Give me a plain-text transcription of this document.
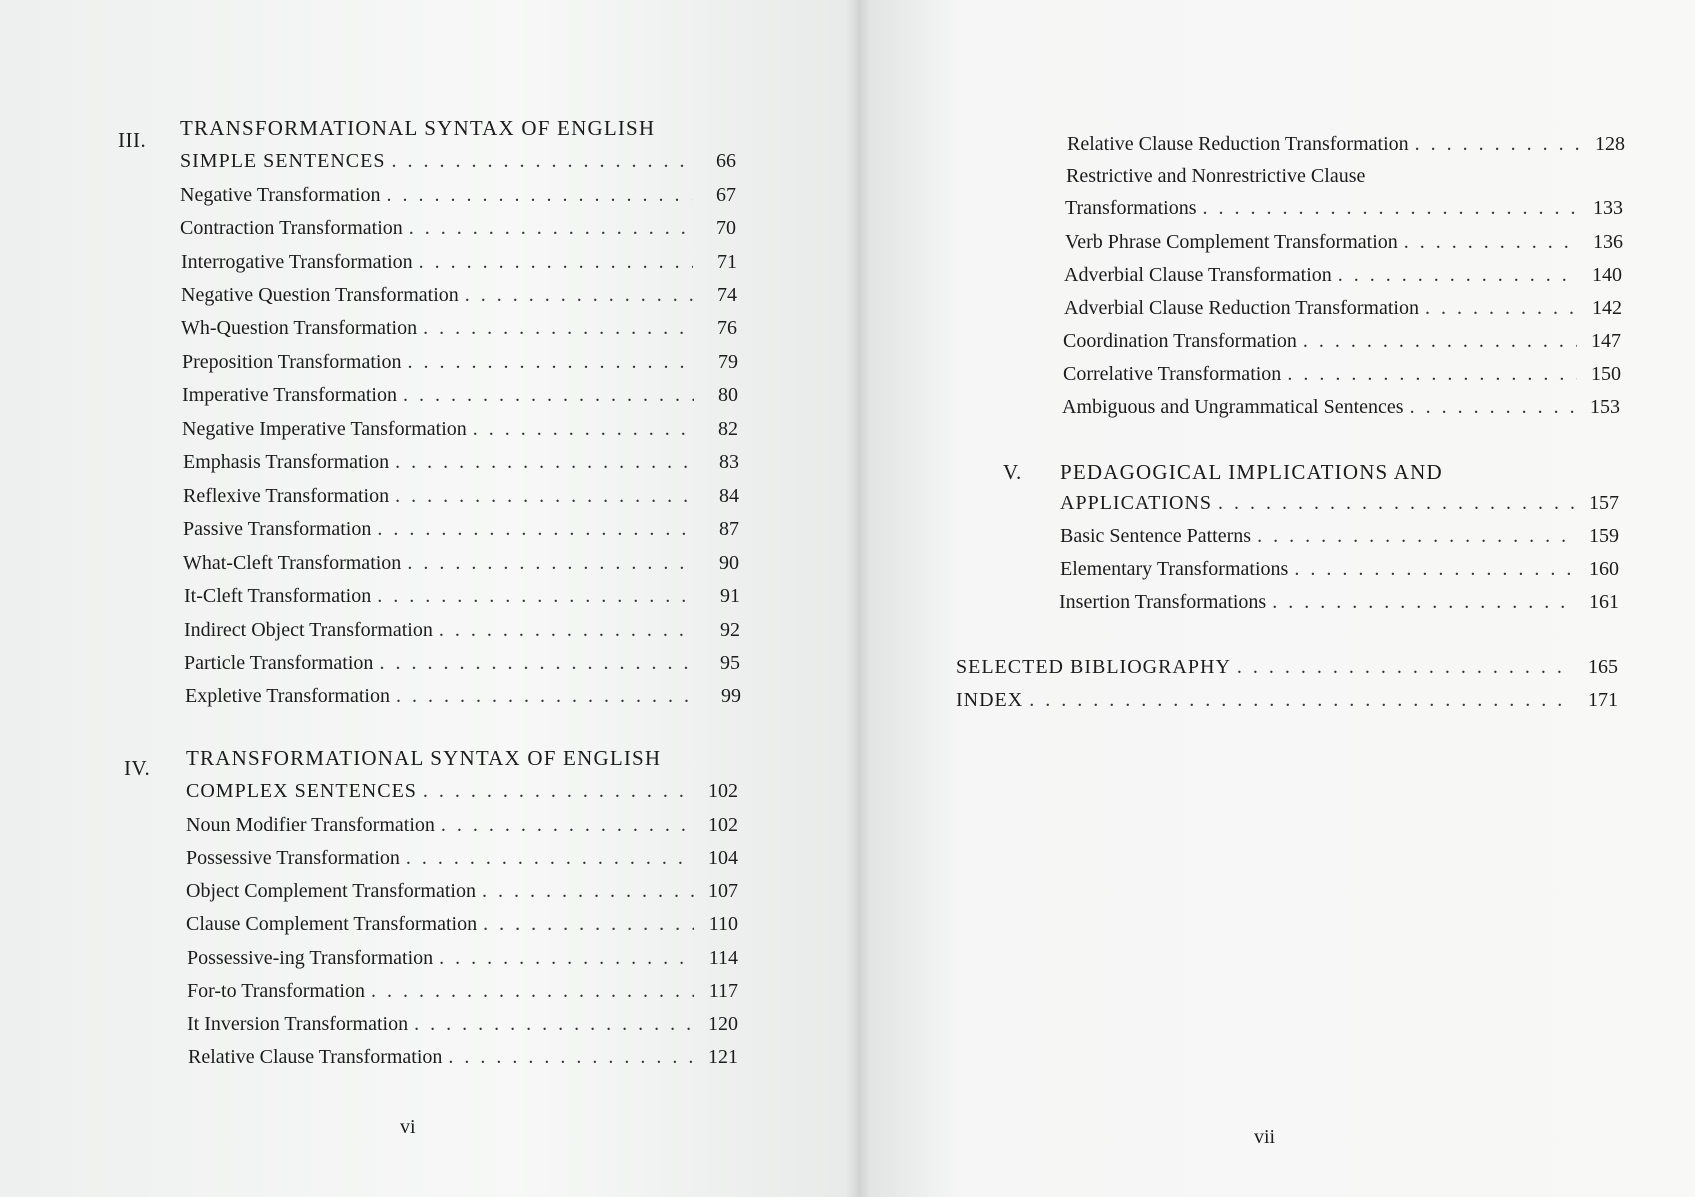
III. TRANSFORMATIONAL SYNTAX OF ENGLISH
SIMPLE SENTENCES . . .	66
Negative Transformation . . .	67
Contraction Transformation . . .	70
Interrogative Transformation . . .	71
Negative Question Transformation . . .	74
Wh-Question Transformation . . .	76
Preposition Transformation . . .	79
Imperative Transformation . . .	80
Negative Imperative Tansformation . . .	82
Emphasis Transformation . . .	83
Reflexive Transformation . . .	84
Passive Transformation . . .	87
What-Cleft Transformation . . .	90
It-Cleft Transformation . . .	91
Indirect Object Transformation . . .	92
Particle Transformation . . .	95
Expletive Transformation . . .	99
IV. TRANSFORMATIONAL SYNTAX OF ENGLISH
COMPLEX SENTENCES . . .	102
Noun Modifier Transformation . . .	102
Possessive Transformation . . .	104
Object Complement Transformation . . .	107
Clause Complement Transformation . . .	110
Possessive-ing Transformation . . .	114
For-to Transformation . . .	117
It Inversion Transformation . . .	120
Relative Clause Transformation . . .	121
vi
Relative Clause Reduction Transformation . . .	128
Restrictive and Nonrestrictive Clause
Transformations . . .	133
Verb Phrase Complement Transformation . . .	136
Adverbial Clause Transformation . . .	140
Adverbial Clause Reduction Transformation . . .	142
Coordination Transformation . . .	147
Correlative Transformation . . .	150
Ambiguous and Ungrammatical Sentences . . .	153
V. PEDAGOGICAL IMPLICATIONS AND
APPLICATIONS . . .	157
Basic Sentence Patterns . . .	159
Elementary Transformations . . .	160
Insertion Transformations . . .	161
SELECTED BIBLIOGRAPHY . . .	165
INDEX . . .	171
vii
